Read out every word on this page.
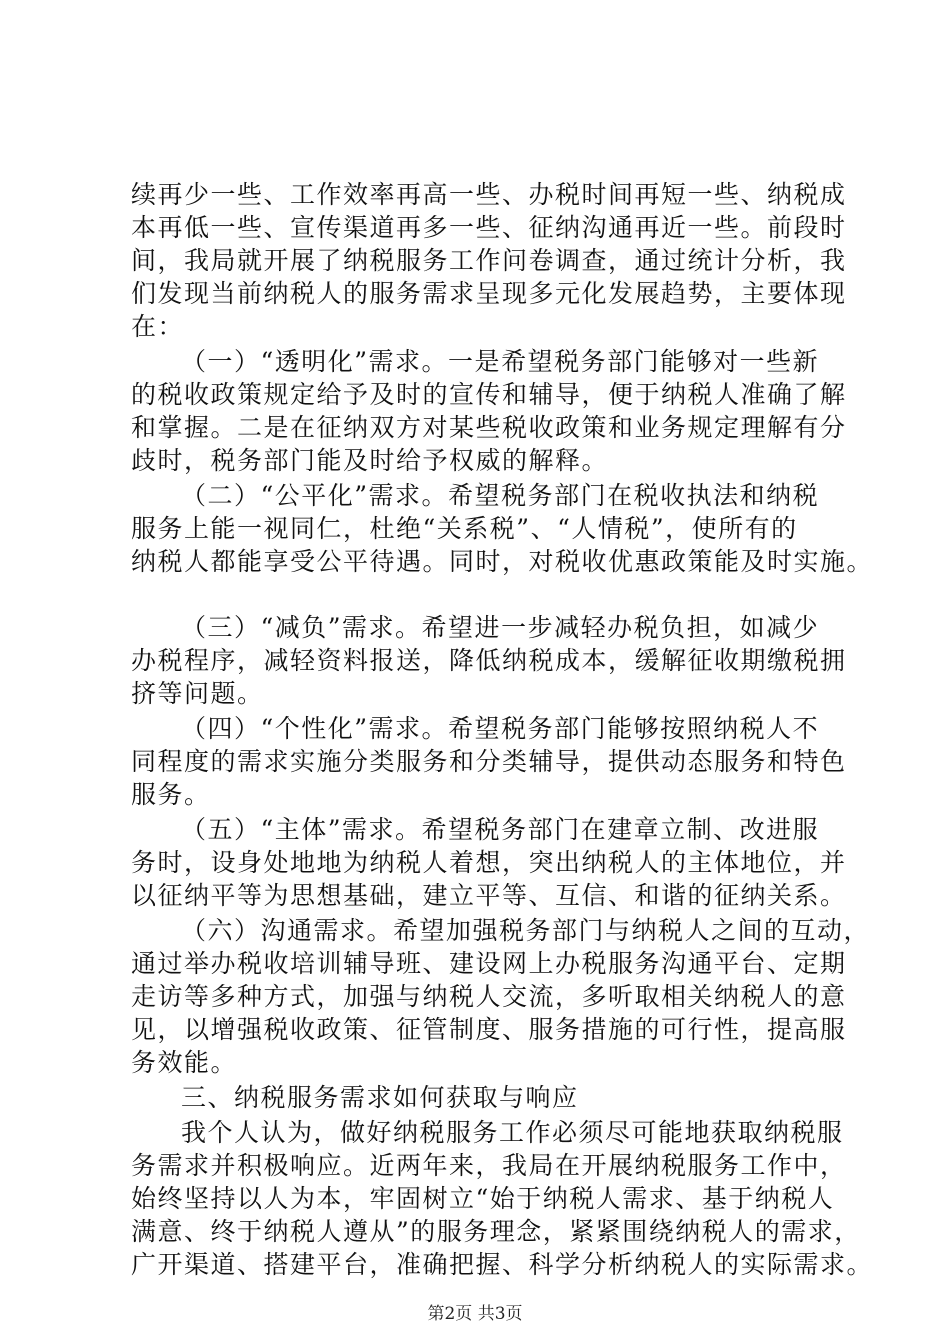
续再少一些、工作效率再高一些、办税时间再短一些、纳税成
本再低一些、宣传渠道再多一些、征纳沟通再近一些。前段时
间，我局就开展了纳税服务工作问卷调查，通过统计分析，我
们发现当前纳税人的服务需求呈现多元化发展趋势，主要体现
在：
（一）“透明化”需求。一是希望税务部门能够对一些新
的税收政策规定给予及时的宣传和辅导，便于纳税人准确了解
和掌握。二是在征纳双方对某些税收政策和业务规定理解有分
歧时，税务部门能及时给予权威的解释。
（二）“公平化”需求。希望税务部门在税收执法和纳税
服务上能一视同仁，杜绝“关系税”、“人情税”，使所有的
纳税人都能享受公平待遇。同时，对税收优惠政策能及时实施。
（三）“减负”需求。希望进一步减轻办税负担，如减少
办税程序，减轻资料报送，降低纳税成本，缓解征收期缴税拥
挤等问题。
（四）“个性化”需求。希望税务部门能够按照纳税人不
同程度的需求实施分类服务和分类辅导，提供动态服务和特色
服务。
（五）“主体”需求。希望税务部门在建章立制、改进服
务时，设身处地地为纳税人着想，突出纳税人的主体地位，并
以征纳平等为思想基础，建立平等、互信、和谐的征纳关系。
（六）沟通需求。希望加强税务部门与纳税人之间的互动，
通过举办税收培训辅导班、建设网上办税服务沟通平台、定期
走访等多种方式，加强与纳税人交流，多听取相关纳税人的意
见，以增强税收政策、征管制度、服务措施的可行性，提高服
务效能。
三、纳税服务需求如何获取与响应
我个人认为，做好纳税服务工作必须尽可能地获取纳税服
务需求并积极响应。近两年来，我局在开展纳税服务工作中，
始终坚持以人为本，牢固树立“始于纳税人需求、基于纳税人
满意、终于纳税人遵从”的服务理念，紧紧围绕纳税人的需求，
广开渠道、搭建平台，准确把握、科学分析纳税人的实际需求。
第2页 共3页
